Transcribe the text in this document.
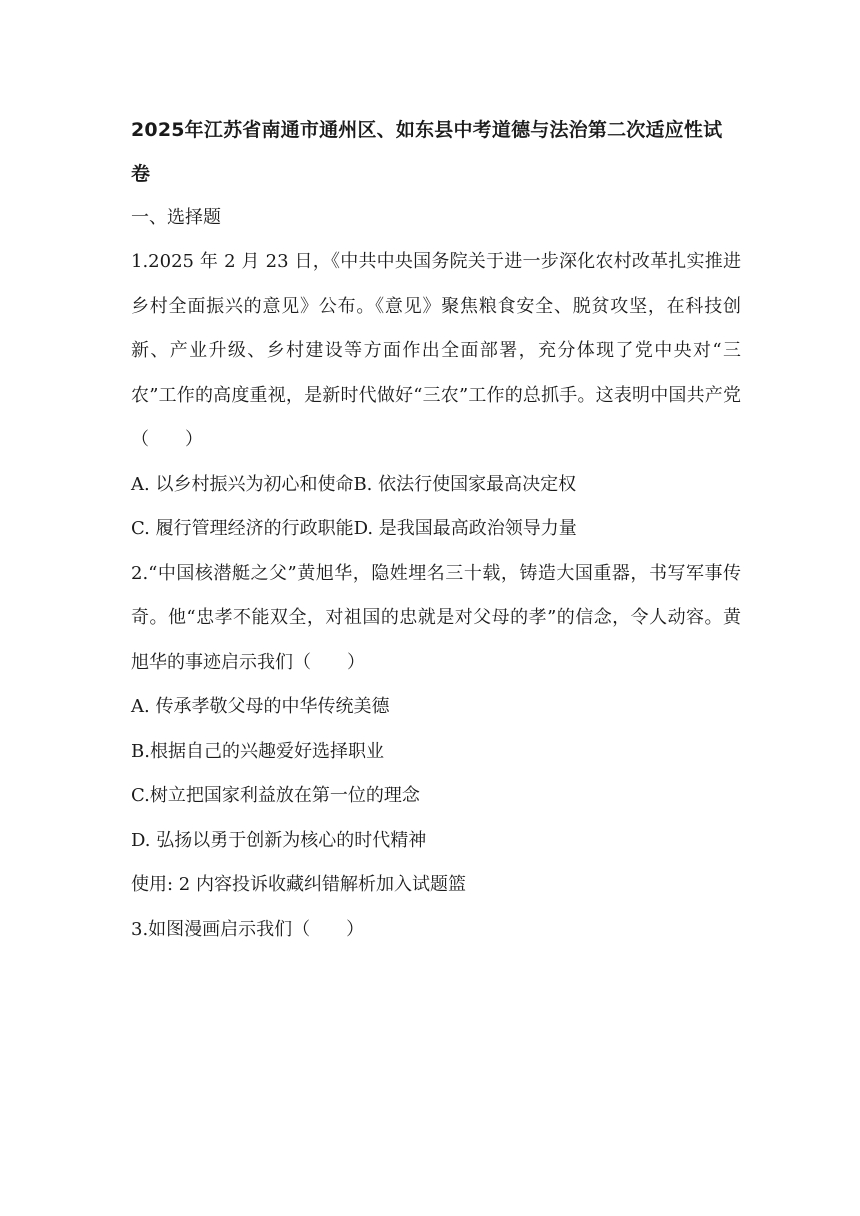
2025年江苏省南通市通州区、如东县中考道德与法治第二次适应性试卷

一、选择题

1.2025 年 2 月 23 日，《中共中央国务院关于进一步深化农村改革扎实推进乡村全面振兴的意见》公布。《意见》聚焦粮食安全、脱贫攻坚，在科技创新、产业升级、乡村建设等方面作出全面部署，充分体现了党中央对“三农”工作的高度重视，是新时代做好“三农”工作的总抓手。这表明中国共产党（　　）

A. 以乡村振兴为初心和使命B. 依法行使国家最高决定权

C. 履行管理经济的行政职能D. 是我国最高政治领导力量

2.“中国核潜艇之父”黄旭华，隐姓埋名三十载，铸造大国重器，书写军事传奇。他“忠孝不能双全，对祖国的忠就是对父母的孝”的信念，令人动容。黄旭华的事迹启示我们（　　）

A. 传承孝敬父母的中华传统美德

B.根据自己的兴趣爱好选择职业

C.树立把国家利益放在第一位的理念

D. 弘扬以勇于创新为核心的时代精神

使用: 2 内容投诉收藏纠错解析加入试题篮

3.如图漫画启示我们（　　）
